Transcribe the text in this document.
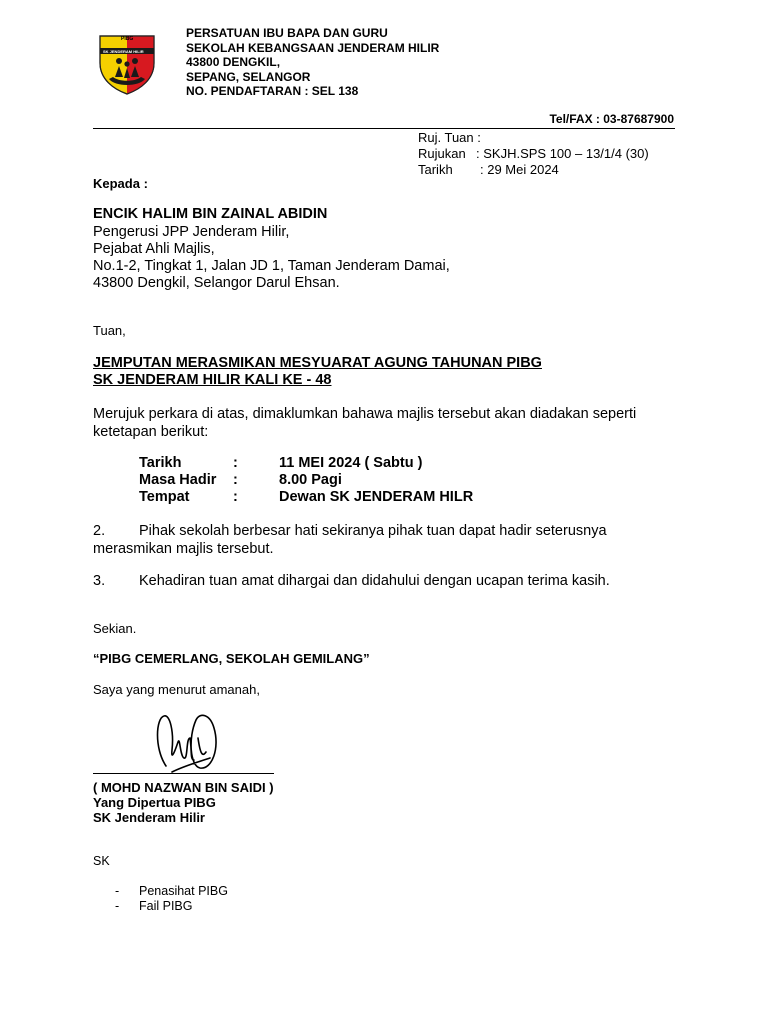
PIBG
SK JENDERAM HILIR
PERSATUAN IBU BAPA DAN GURU
SEKOLAH KEBANGSAAN JENDERAM HILIR
43800 DENGKIL,
SEPANG, SELANGOR
NO. PENDAFTARAN : SEL 138
Tel/FAX : 03-87687900
Ruj. Tuan :
Rujukan : SKJH.SPS 100 – 13/1/4 (30)
Tarikh	: 29 Mei 2024
Kepada :
ENCIK HALIM BIN ZAINAL ABIDIN
Pengerusi JPP Jenderam Hilir,
Pejabat Ahli Majlis,
No.1-2, Tingkat 1, Jalan JD 1, Taman Jenderam Damai,
43800 Dengkil, Selangor Darul Ehsan.
Tuan,
JEMPUTAN MERASMIKAN MESYUARAT AGUNG TAHUNAN PIBG
SK JENDERAM HILIR KALI KE - 48
Merujuk perkara di atas, dimaklumkan bahawa majlis tersebut akan diadakan seperti ketetapan berikut:
Tarikh	:	11 MEI 2024 ( Sabtu )
Masa Hadir	:	8.00 Pagi
Tempat	:	Dewan SK JENDERAM HILR
2. Pihak sekolah berbesar hati sekiranya pihak tuan dapat hadir seterusnya merasmikan majlis tersebut.
3. Kehadiran tuan amat dihargai dan didahului dengan ucapan terima kasih.
Sekian.
“PIBG CEMERLANG, SEKOLAH GEMILANG”
Saya yang menurut amanah,
( MOHD NAZWAN BIN SAIDI )
Yang Dipertua PIBG
SK Jenderam Hilir
SK
-	Penasihat PIBG
-	Fail PIBG
